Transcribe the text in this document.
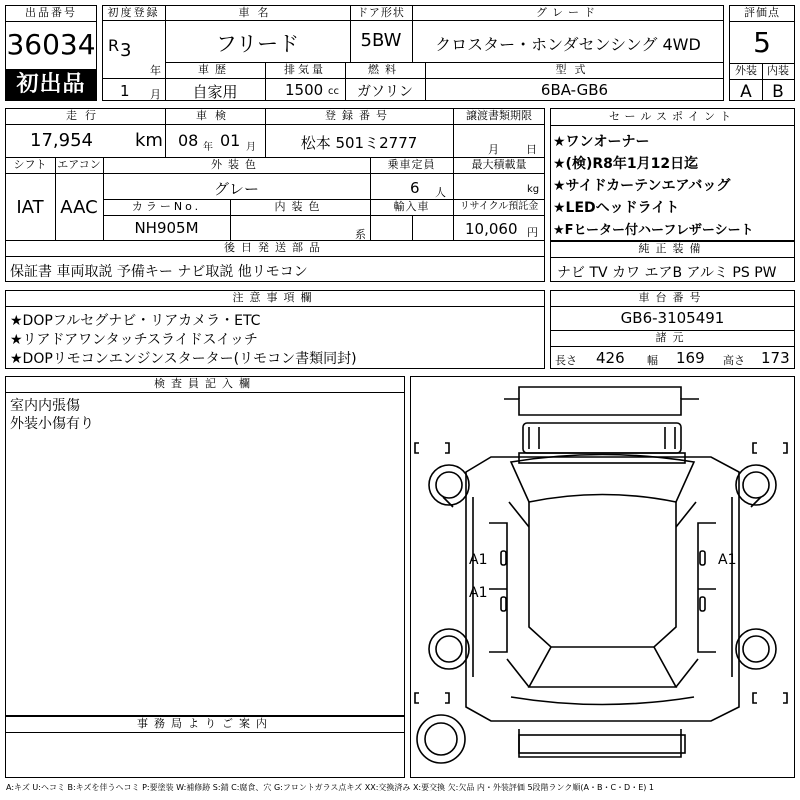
出品番号
36034
初出品
初度登録
R 3
年
1 月
車名
フリード
ドア形状
5BW
グレード
クロスター・ホンダセンシング 4WD
車歴
自家用
排気量
1500 cc
燃料
ガソリン
型式
6BA-GB6
評価点
5
外装 内装
A	B
走行
17,954 km
車検
08 年 01 月
登録番号
松本 501ミ2777
譲渡書類期限
月 日
シフト
IAT
エアコン
AAC
外装色
グレー
乗車定員
6 人
最大積載量
kg
カラーNo.
NH905M
内装色
系
輸入車	リサイクル預託金
10,060 円
後日発送部品
保証書 車両取説 予備キー ナビ取説 他リモコン
セールスポイント
★ワンオーナー
★(検)R8年1月12日迄
★サイドカーテンエアバッグ
★LEDヘッドライト
★Fヒーター付ハーフレザーシート
純正装備
ナビ TV カワ エアB アルミ PS PW
注意事項欄
★DOPフルセグナビ・リアカメラ・ETC
★リアドアワンタッチスライドスイッチ
★DOPリモコンエンジンスターター(リモコン書類同封)
車台番号
GB6-3105491
諸元
長さ 426 幅 169 高さ 173
検査員記入欄
室内内張傷
外装小傷有り
事務局よりご案内
A1	A1
A1
A:キズ U:ヘコミ B:キズを伴うヘコミ P:要塗装 W:補修跡 S:錆 C:腐食、穴 G:フロントガラス点キズ XX:交換済み X:要交換 欠:欠品 内・外装評価 5段階ランク順(A・B・C・D・E) 1
